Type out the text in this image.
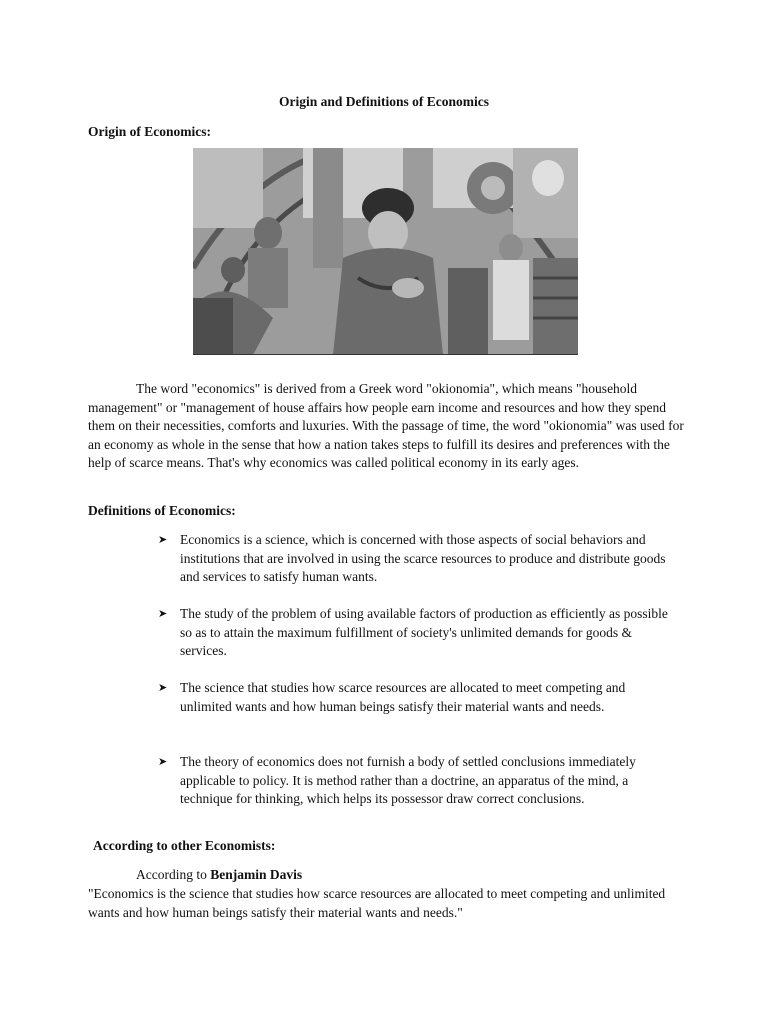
Origin and Definitions of Economics
Origin of Economics:

The word "economics" is derived from a Greek word "okionomia", which means "household management" or "management of house affairs how people earn income and resources and how they spend them on their necessities, comforts and luxuries. With the passage of time, the word "okionomia" was used for an economy as whole in the sense that how a nation takes steps to fulfill its desires and preferences with the help of scarce means. That's why economics was called political economy in its early ages.

Definitions of Economics:
➤ Economics is a science, which is concerned with those aspects of social behaviors and institutions that are involved in using the scarce resources to produce and distribute goods and services to satisfy human wants.
➤ The study of the problem of using available factors of production as efficiently as possible so as to attain the maximum fulfillment of society's unlimited demands for goods & services.
➤ The science that studies how scarce resources are allocated to meet competing and unlimited wants and how human beings satisfy their material wants and needs.
➤ The theory of economics does not furnish a body of settled conclusions immediately applicable to policy. It is method rather than a doctrine, an apparatus of the mind, a technique for thinking, which helps its possessor draw correct conclusions.
According to other Economists:
According to Benjamin Davis

"Economics is the science that studies how scarce resources are allocated to meet competing and unlimited wants and how human beings satisfy their material wants and needs."
